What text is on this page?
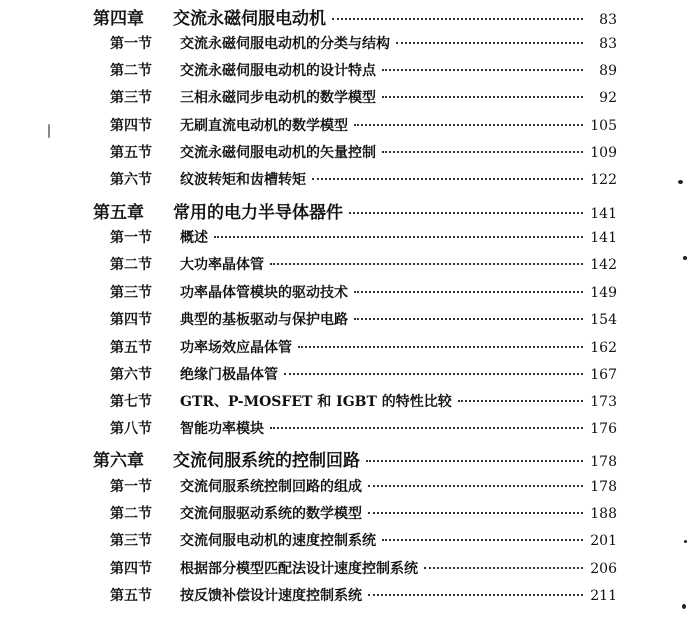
第四章	交流永磁伺服电动机	83
第一节	交流永磁伺服电动机的分类与结构	83
第二节	交流永磁伺服电动机的设计特点	89
第三节	三相永磁同步电动机的数学模型	92
第四节	无刷直流电动机的数学模型	105
第五节	交流永磁伺服电动机的矢量控制	109
第六节	纹波转矩和齿槽转矩	122
第五章	常用的电力半导体器件	141
第一节	概述	141
第二节	大功率晶体管	142
第三节	功率晶体管模块的驱动技术	149
第四节	典型的基板驱动与保护电路	154
第五节	功率场效应晶体管	162
第六节	绝缘门极晶体管	167
第七节	GTR、P-MOSFET 和 IGBT 的特性比较	173
第八节	智能功率模块	176
第六章	交流伺服系统的控制回路	178
第一节	交流伺服系统控制回路的组成	178
第二节	交流伺服驱动系统的数学模型	188
第三节	交流伺服电动机的速度控制系统	201
第四节	根据部分模型匹配法设计速度控制系统	206
第五节	按反馈补偿设计速度控制系统	211
